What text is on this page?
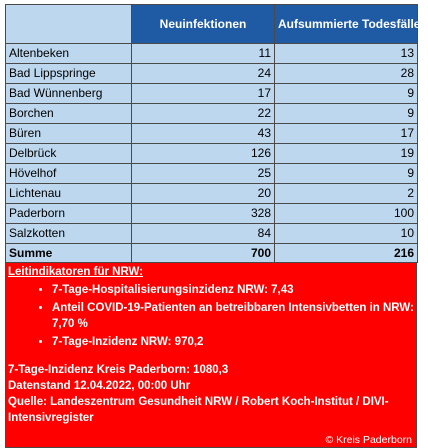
	Neuinfektionen	Aufsummierte Todesfälle
Altenbeken	11	13
Bad Lippspringe	24	28
Bad Wünnenberg	17	9
Borchen	22	9
Büren	43	17
Delbrück	126	19
Hövelhof	25	9
Lichtenau	20	2
Paderborn	328	100
Salzkotten	84	10
Summe	700	216
Leitindikatoren für NRW:
• 7-Tage-Hospitalisierungsinzidenz NRW: 7,43
• Anteil COVID-19-Patienten an betreibbaren Intensivbetten in NRW: 7,70 %
• 7-Tage-Inzidenz NRW: 970,2
7-Tage-Inzidenz Kreis Paderborn: 1080,3
Datenstand 12.04.2022, 00:00 Uhr
Quelle: Landeszentrum Gesundheit NRW / Robert Koch-Institut / DIVI-Intensivregister
© Kreis Paderborn
